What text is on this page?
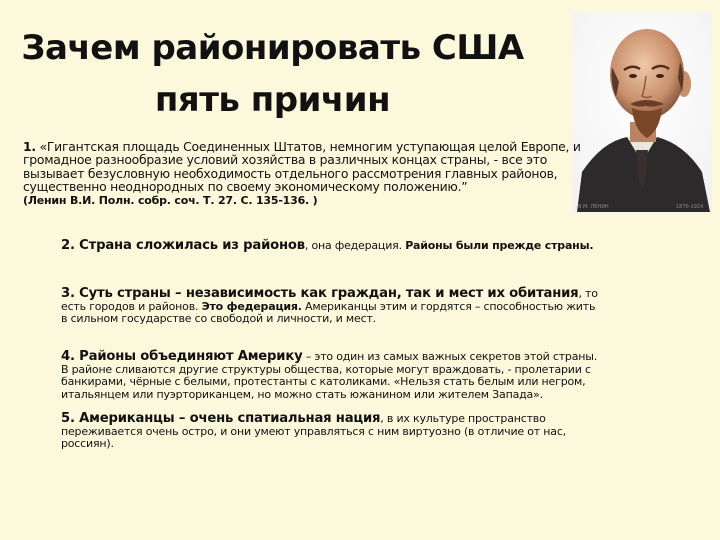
Зачем районировать США
пять причин
B.M. ЛЕНИН	1870-1924
1. «Гигантская площадь Соединенных Штатов, немногим уступающая целой Европе, и громадное разнообразие условий хозяйства в различных концах страны, - все это вызывает безусловную необходимость отдельного рассмотрения главных районов, существенно неоднородных по своему экономическому положению.”
(Ленин В.И. Полн. собр. соч. Т. 27. С. 135-136. )
2. Страна сложилась из районов, она федерация. Районы были прежде страны.
3. Суть страны – независимость как граждан, так и мест их обитания, то есть городов и районов. Это федерация. Американцы этим и гордятся – способностью жить в сильном государстве со свободой и личности, и мест.
4. Районы объединяют Америку – это один из самых важных секретов этой страны. В районе сливаются другие структуры общества, которые могут враждовать, - пролетарии с банкирами, чёрные с белыми, протестанты с католиками. «Нельзя стать белым или негром, итальянцем или пуэрториканцем, но можно стать южанином или жителем Запада».
5. Американцы – очень спатиальная нация, в их культуре пространство переживается очень остро, и они умеют управляться с ним виртуозно (в отличие от нас, россиян).
